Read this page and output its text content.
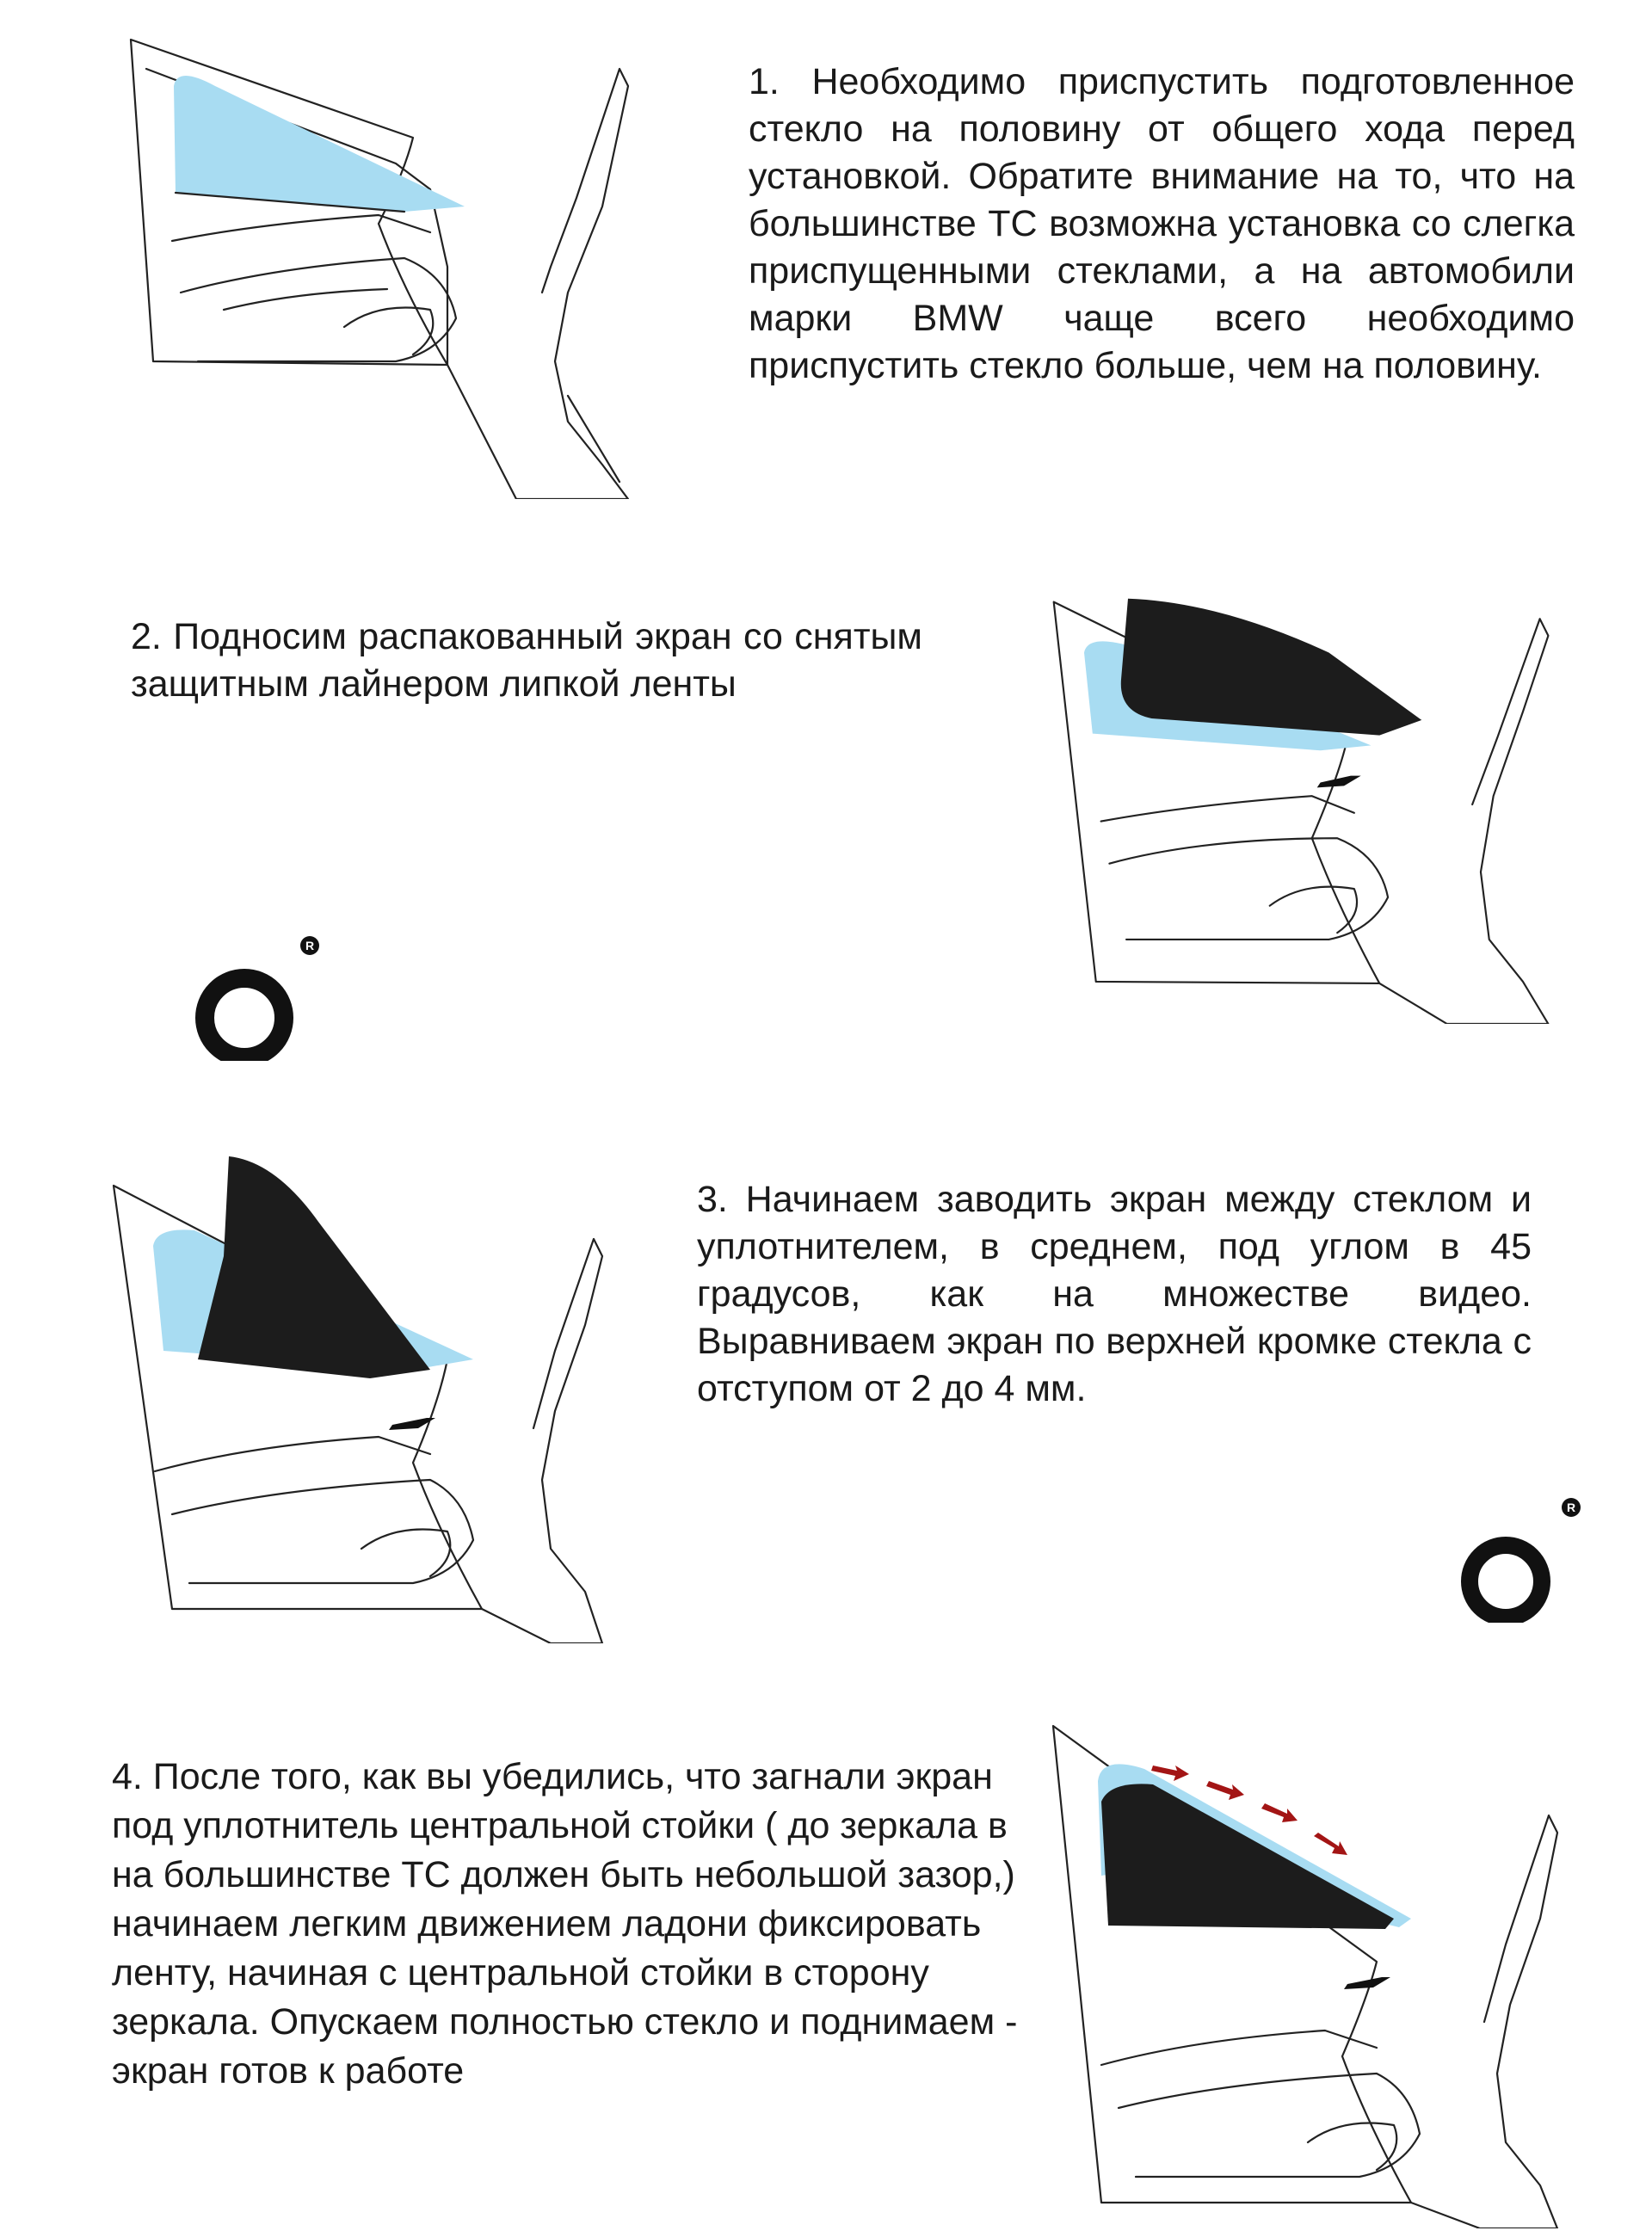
1. Необходимо приспустить подготовленное стекло на половину от общего хода перед установкой. Обратите внимание на то, что на большинстве ТС возможна установка со слегка приспущенными стеклами, а на автомобили марки BMW чаще всего необходимо приспустить стекло больше, чем на половину.
2. Подносим распакованный экран со снятым защитным лайнером липкой ленты
R
3. Начинаем заводить экран между стеклом и уплотнителем, в среднем, под углом в 45 градусов, как на множестве видео. Выравниваем экран по верхней кромке стекла с отступом от 2 до 4 мм.
R
4. После того, как вы убедились, что загнали экран под уплотнитель центральной стойки ( до зеркала в на большинстве ТС должен быть небольшой зазор,) начинаем легким движением ладони фиксировать ленту, начиная с центральной стойки в сторону зеркала. Опускаем полностью стекло и поднимаем - экран готов к работе
